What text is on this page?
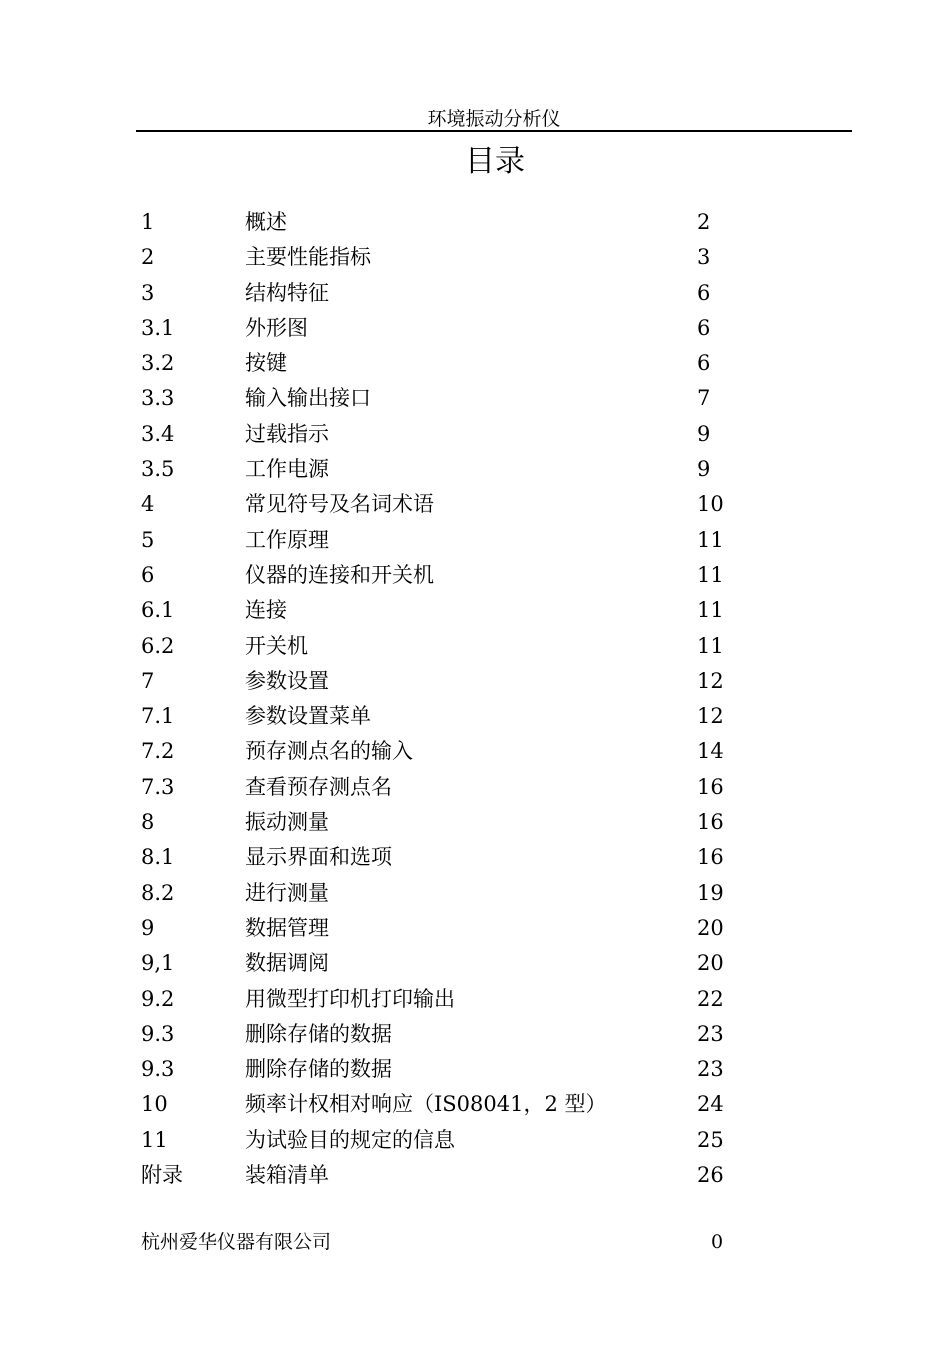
环境振动分析仪
目录
1	概述	2
2	主要性能指标	3
3	结构特征	6
3.1	外形图	6
3.2	按键	6
3.3	输入输出接口	7
3.4	过载指示	9
3.5	工作电源	9
4	常见符号及名词术语	10
5	工作原理	11
6	仪器的连接和开关机	11
6.1	连接	11
6.2	开关机	11
7	参数设置	12
7.1	参数设置菜单	12
7.2	预存测点名的输入	14
7.3	查看预存测点名	16
8	振动测量	16
8.1	显示界面和选项	16
8.2	进行测量	19
9	数据管理	20
9,1	数据调阅	20
9.2	用微型打印机打印输出	22
9.3	删除存储的数据	23
9.3	删除存储的数据	23
10	频率计权相对响应（IS08041，2 型）	24
11	为试验目的规定的信息	25
附录	装箱清单	26
杭州爱华仪器有限公司	0
